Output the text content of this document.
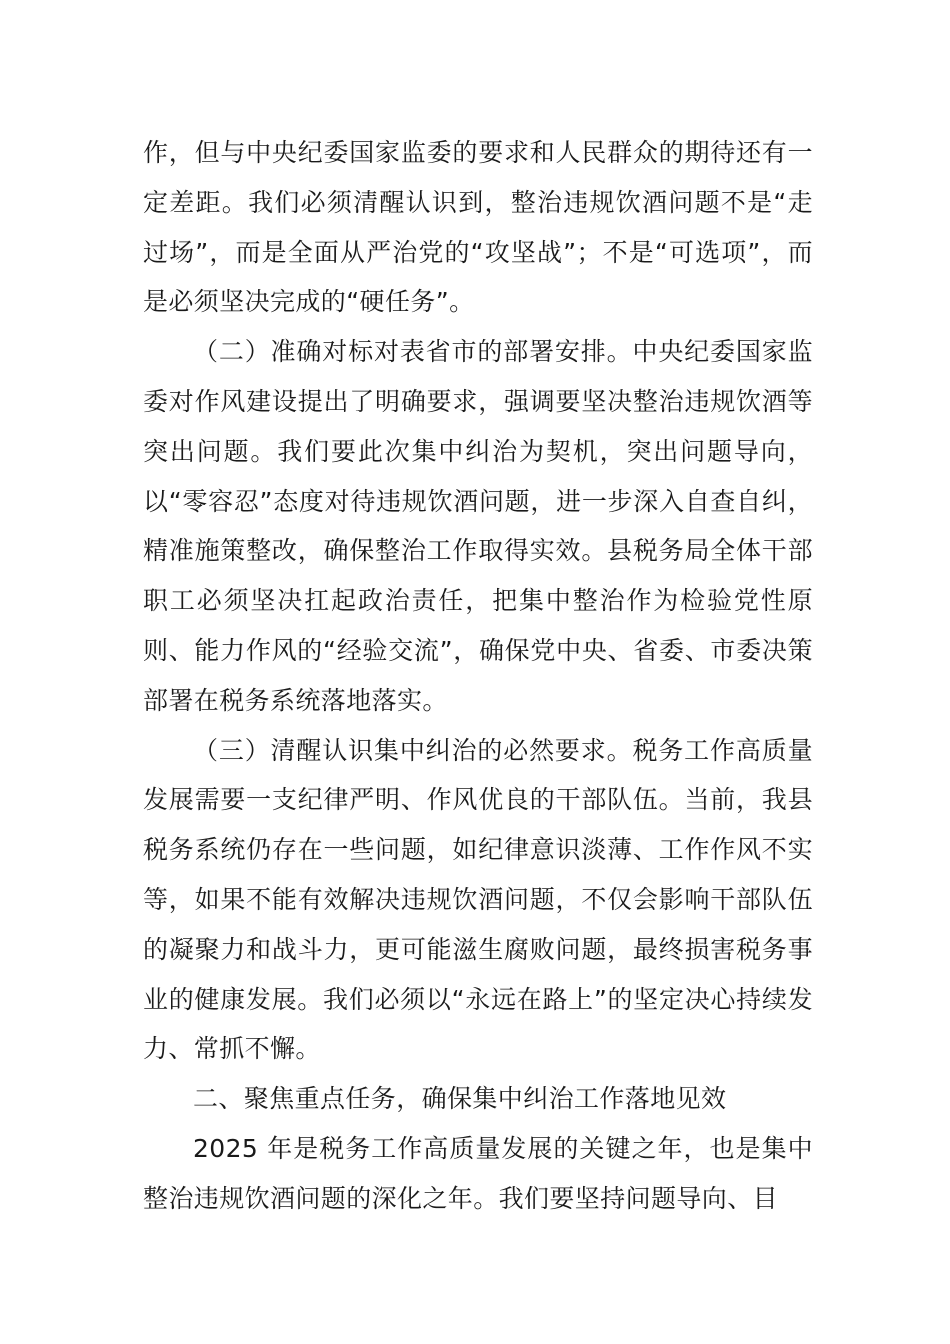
作，但与中央纪委国家监委的要求和人民群众的期待还有一定差距。我们必须清醒认识到，整治违规饮酒问题不是“走过场”，而是全面从严治党的“攻坚战”；不是“可选项”，而是必须坚决完成的“硬任务”。

（二）准确对标对表省市的部署安排。中央纪委国家监委对作风建设提出了明确要求，强调要坚决整治违规饮酒等突出问题。我们要此次集中纠治为契机，突出问题导向，以“零容忍”态度对待违规饮酒问题，进一步深入自查自纠，精准施策整改，确保整治工作取得实效。县税务局全体干部职工必须坚决扛起政治责任，把集中整治作为检验党性原则、能力作风的“经验交流”，确保党中央、省委、市委决策部署在税务系统落地落实。

（三）清醒认识集中纠治的必然要求。税务工作高质量发展需要一支纪律严明、作风优良的干部队伍。当前，我县税务系统仍存在一些问题，如纪律意识淡薄、工作作风不实等，如果不能有效解决违规饮酒问题，不仅会影响干部队伍的凝聚力和战斗力，更可能滋生腐败问题，最终损害税务事业的健康发展。我们必须以“永远在路上”的坚定决心持续发力、常抓不懈。

二、聚焦重点任务，确保集中纠治工作落地见效

2025 年是税务工作高质量发展的关键之年，也是集中整治违规饮酒问题的深化之年。我们要坚持问题导向、目
